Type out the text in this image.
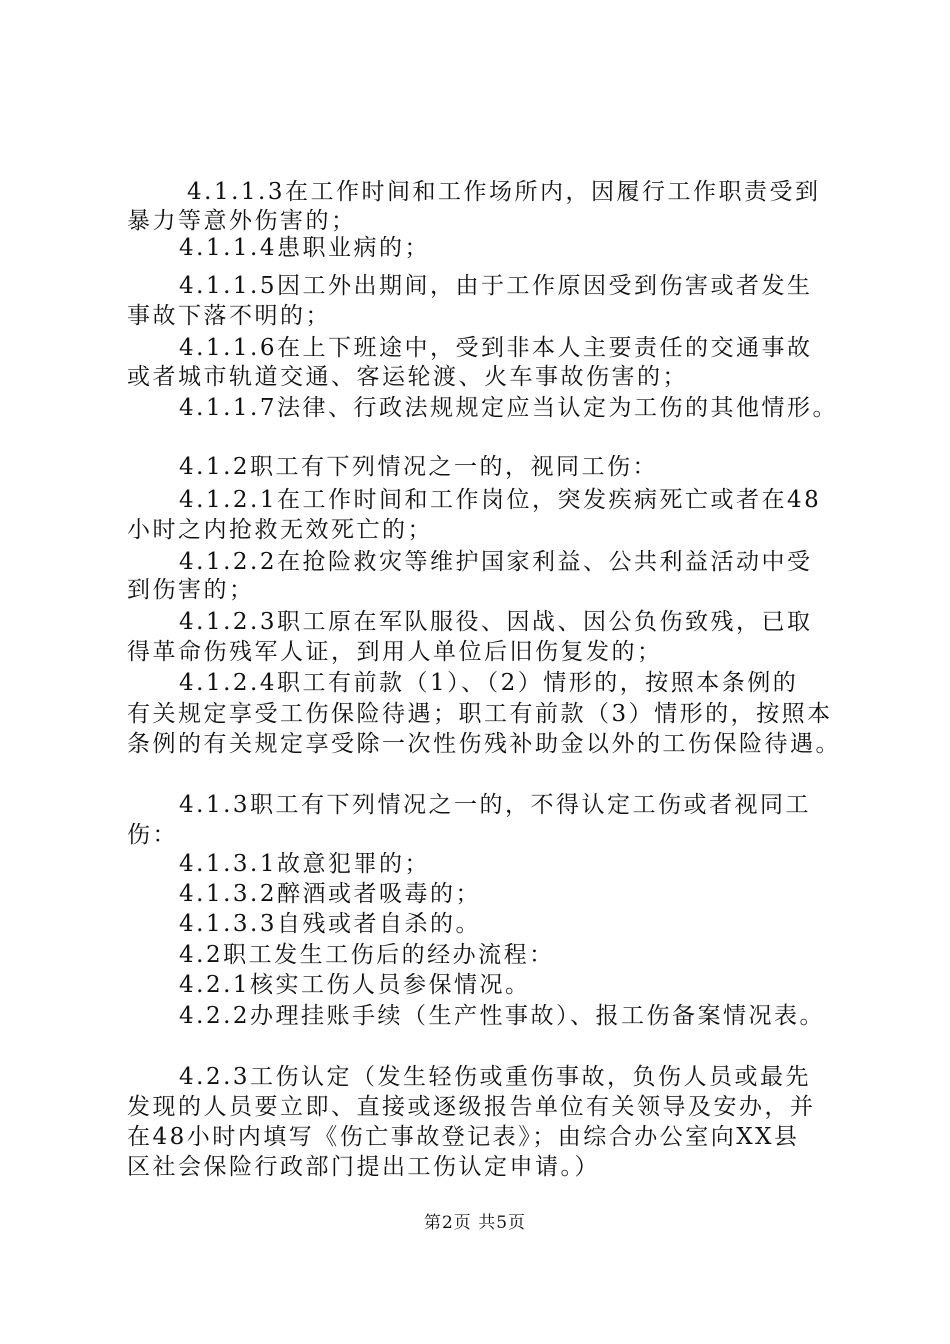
4.1.1.3在工作时间和工作场所内，因履行工作职责受到
暴力等意外伤害的；
4.1.1.4患职业病的；
4.1.1.5因工外出期间，由于工作原因受到伤害或者发生
事故下落不明的；
4.1.1.6在上下班途中，受到非本人主要责任的交通事故
或者城市轨道交通、客运轮渡、火车事故伤害的；
4.1.1.7法律、行政法规规定应当认定为工伤的其他情形。
4.1.2职工有下列情况之一的，视同工伤：
4.1.2.1在工作时间和工作岗位，突发疾病死亡或者在48
小时之内抢救无效死亡的；
4.1.2.2在抢险救灾等维护国家利益、公共利益活动中受
到伤害的；
4.1.2.3职工原在军队服役、因战、因公负伤致残，已取
得革命伤残军人证，到用人单位后旧伤复发的；
4.1.2.4职工有前款（1）、（2）情形的，按照本条例的
有关规定享受工伤保险待遇；职工有前款（3）情形的，按照本
条例的有关规定享受除一次性伤残补助金以外的工伤保险待遇。
4.1.3职工有下列情况之一的，不得认定工伤或者视同工
伤：
4.1.3.1故意犯罪的；
4.1.3.2醉酒或者吸毒的；
4.1.3.3自残或者自杀的。
4.2职工发生工伤后的经办流程：
4.2.1核实工伤人员参保情况。
4.2.2办理挂账手续（生产性事故）、报工伤备案情况表。
4.2.3工伤认定（发生轻伤或重伤事故，负伤人员或最先
发现的人员要立即、直接或逐级报告单位有关领导及安办，并
在48小时内填写《伤亡事故登记表》；由综合办公室向XX县
区社会保险行政部门提出工伤认定申请。）
第2页 共5页
